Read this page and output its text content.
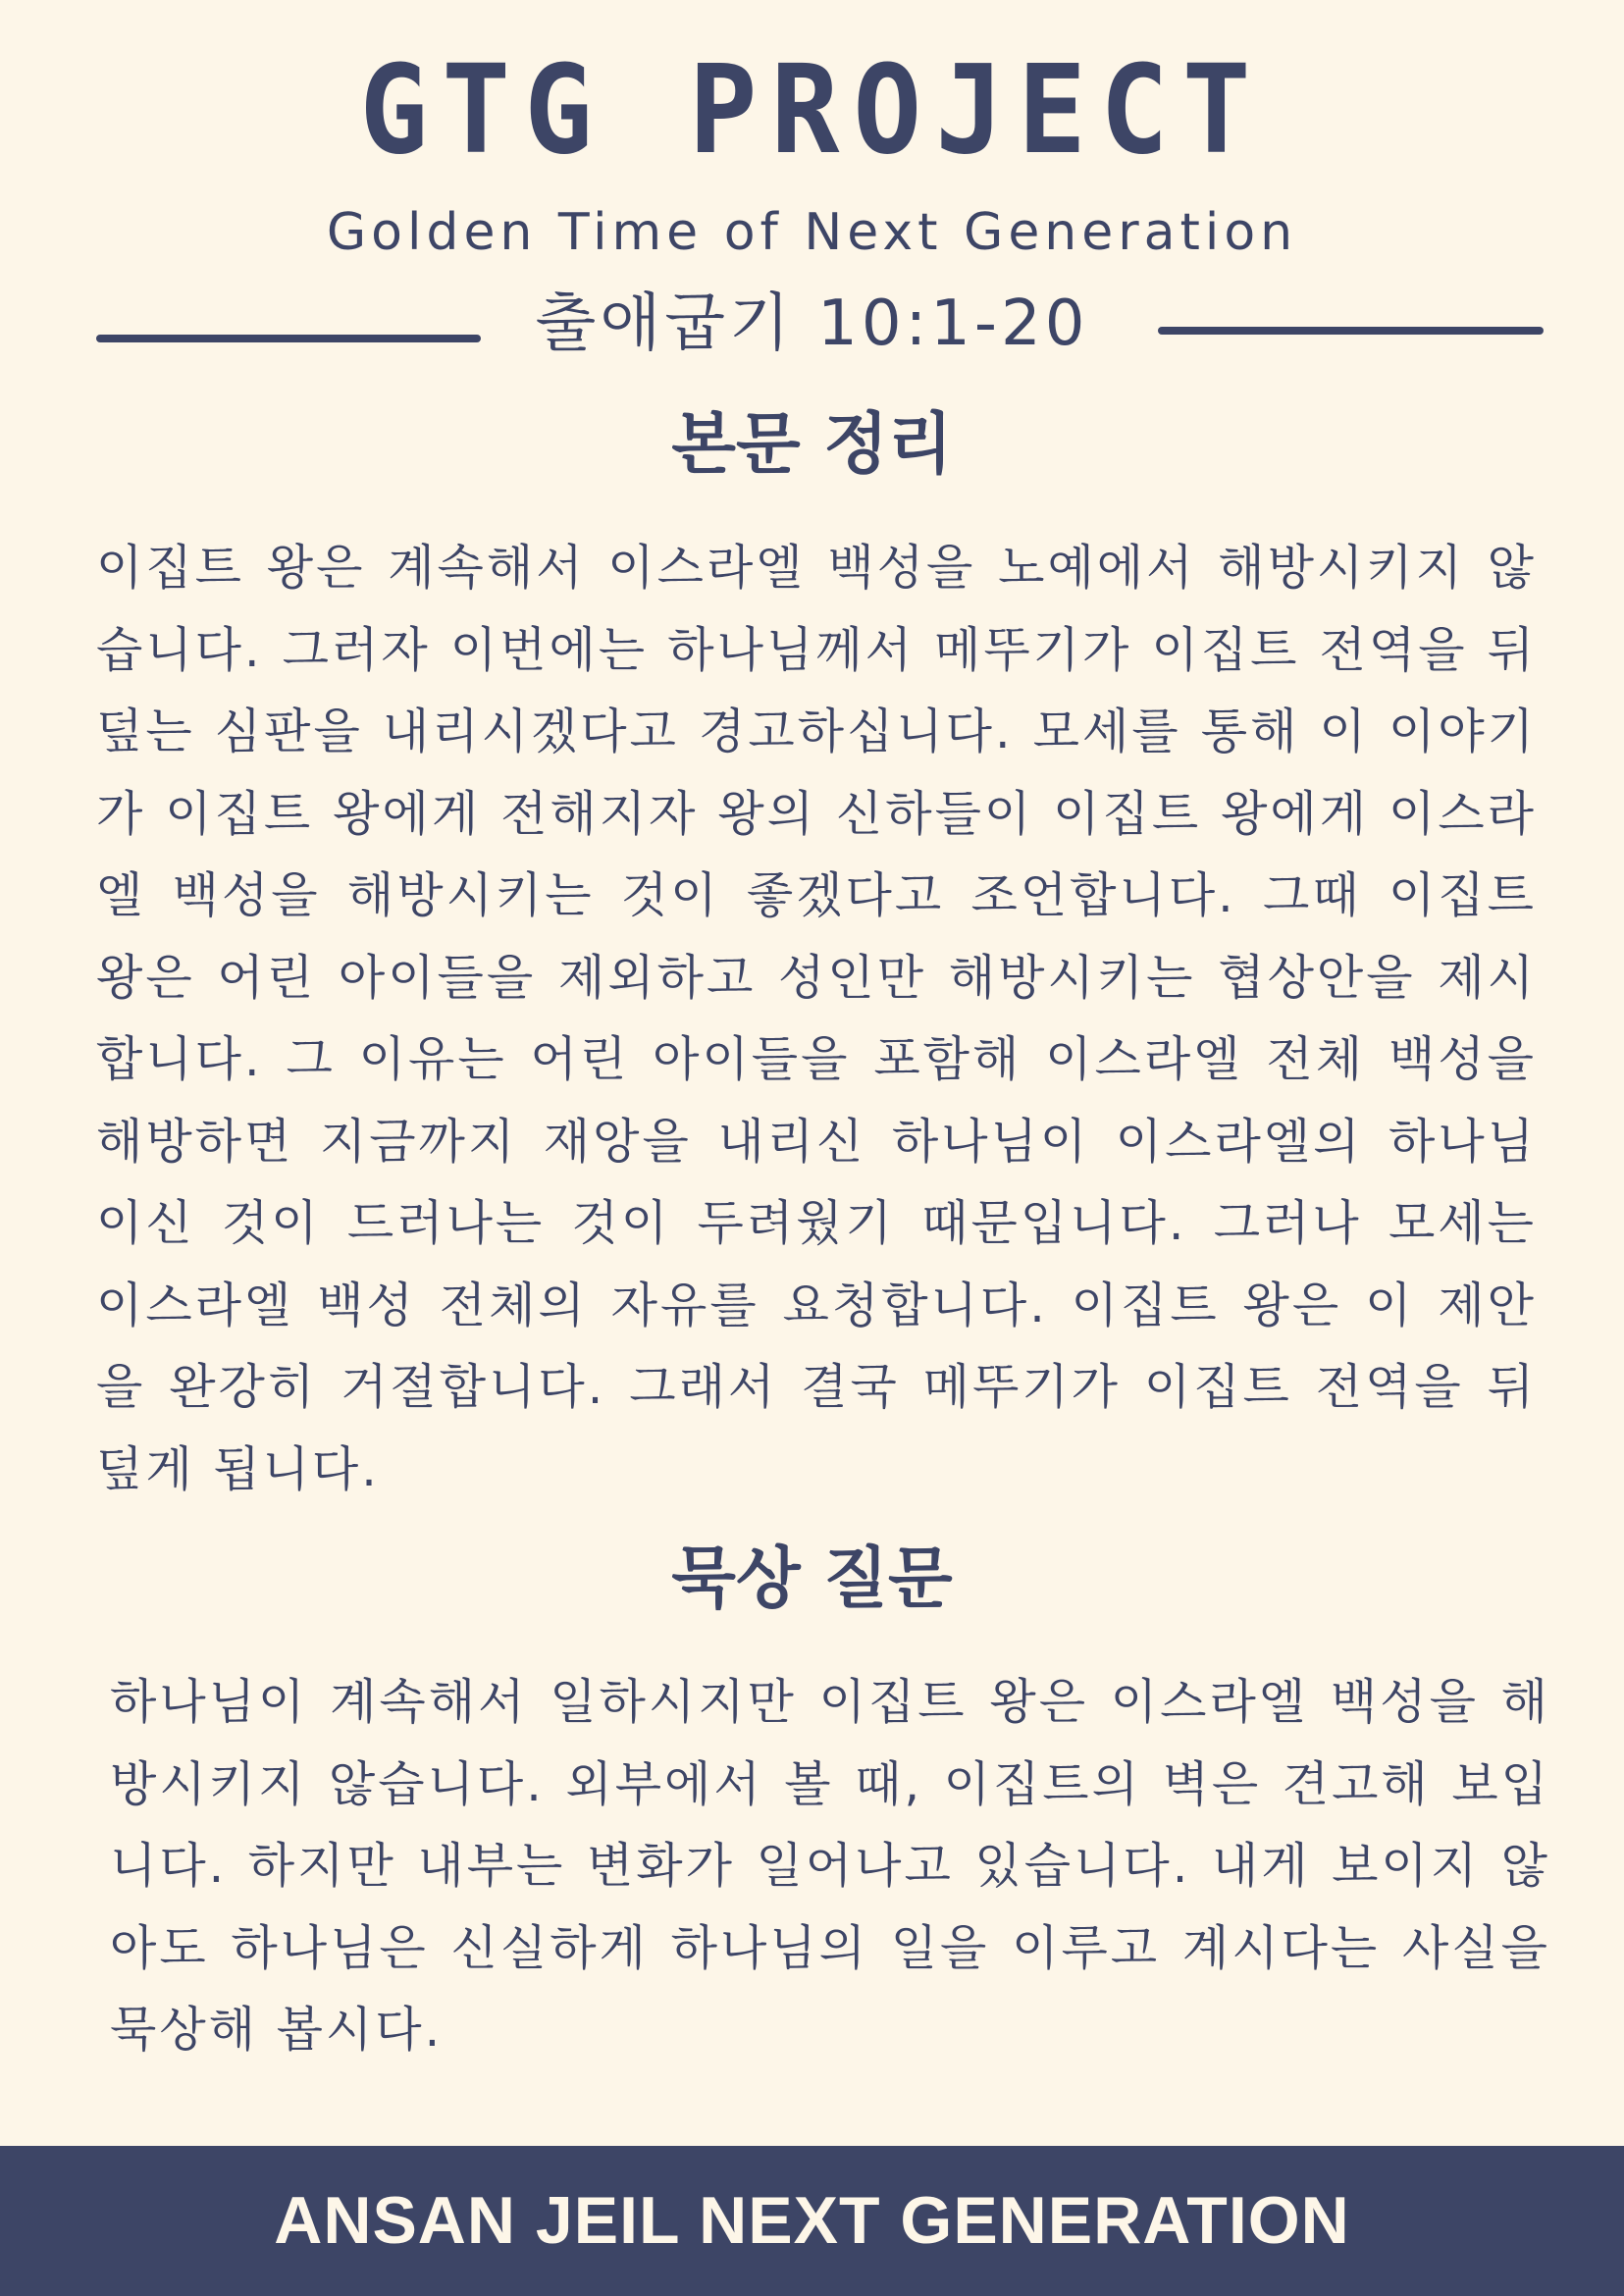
GTG PROJECT
Golden Time of Next Generation
출애굽기 10:1-20
본문 정리
이집트 왕은 계속해서 이스라엘 백성을 노예에서 해방시키지 않습니다. 그러자 이번에는 하나님께서 메뚜기가 이집트 전역을 뒤덮는 심판을 내리시겠다고 경고하십니다. 모세를 통해 이 이야기가 이집트 왕에게 전해지자 왕의 신하들이 이집트 왕에게 이스라엘 백성을 해방시키는 것이 좋겠다고 조언합니다. 그때 이집트 왕은 어린 아이들을 제외하고 성인만 해방시키는 협상안을 제시합니다. 그 이유는 어린 아이들을 포함해 이스라엘 전체 백성을 해방하면 지금까지 재앙을 내리신 하나님이 이스라엘의 하나님이신 것이 드러나는 것이 두려웠기 때문입니다. 그러나 모세는 이스라엘 백성 전체의 자유를 요청합니다. 이집트 왕은 이 제안을 완강히 거절합니다. 그래서 결국 메뚜기가 이집트 전역을 뒤덮게 됩니다.
묵상 질문
하나님이 계속해서 일하시지만 이집트 왕은 이스라엘 백성을 해방시키지 않습니다. 외부에서 볼 때, 이집트의 벽은 견고해 보입니다. 하지만 내부는 변화가 일어나고 있습니다. 내게 보이지 않아도 하나님은 신실하게 하나님의 일을 이루고 계시다는 사실을 묵상해 봅시다.
ANSAN JEIL NEXT GENERATION
